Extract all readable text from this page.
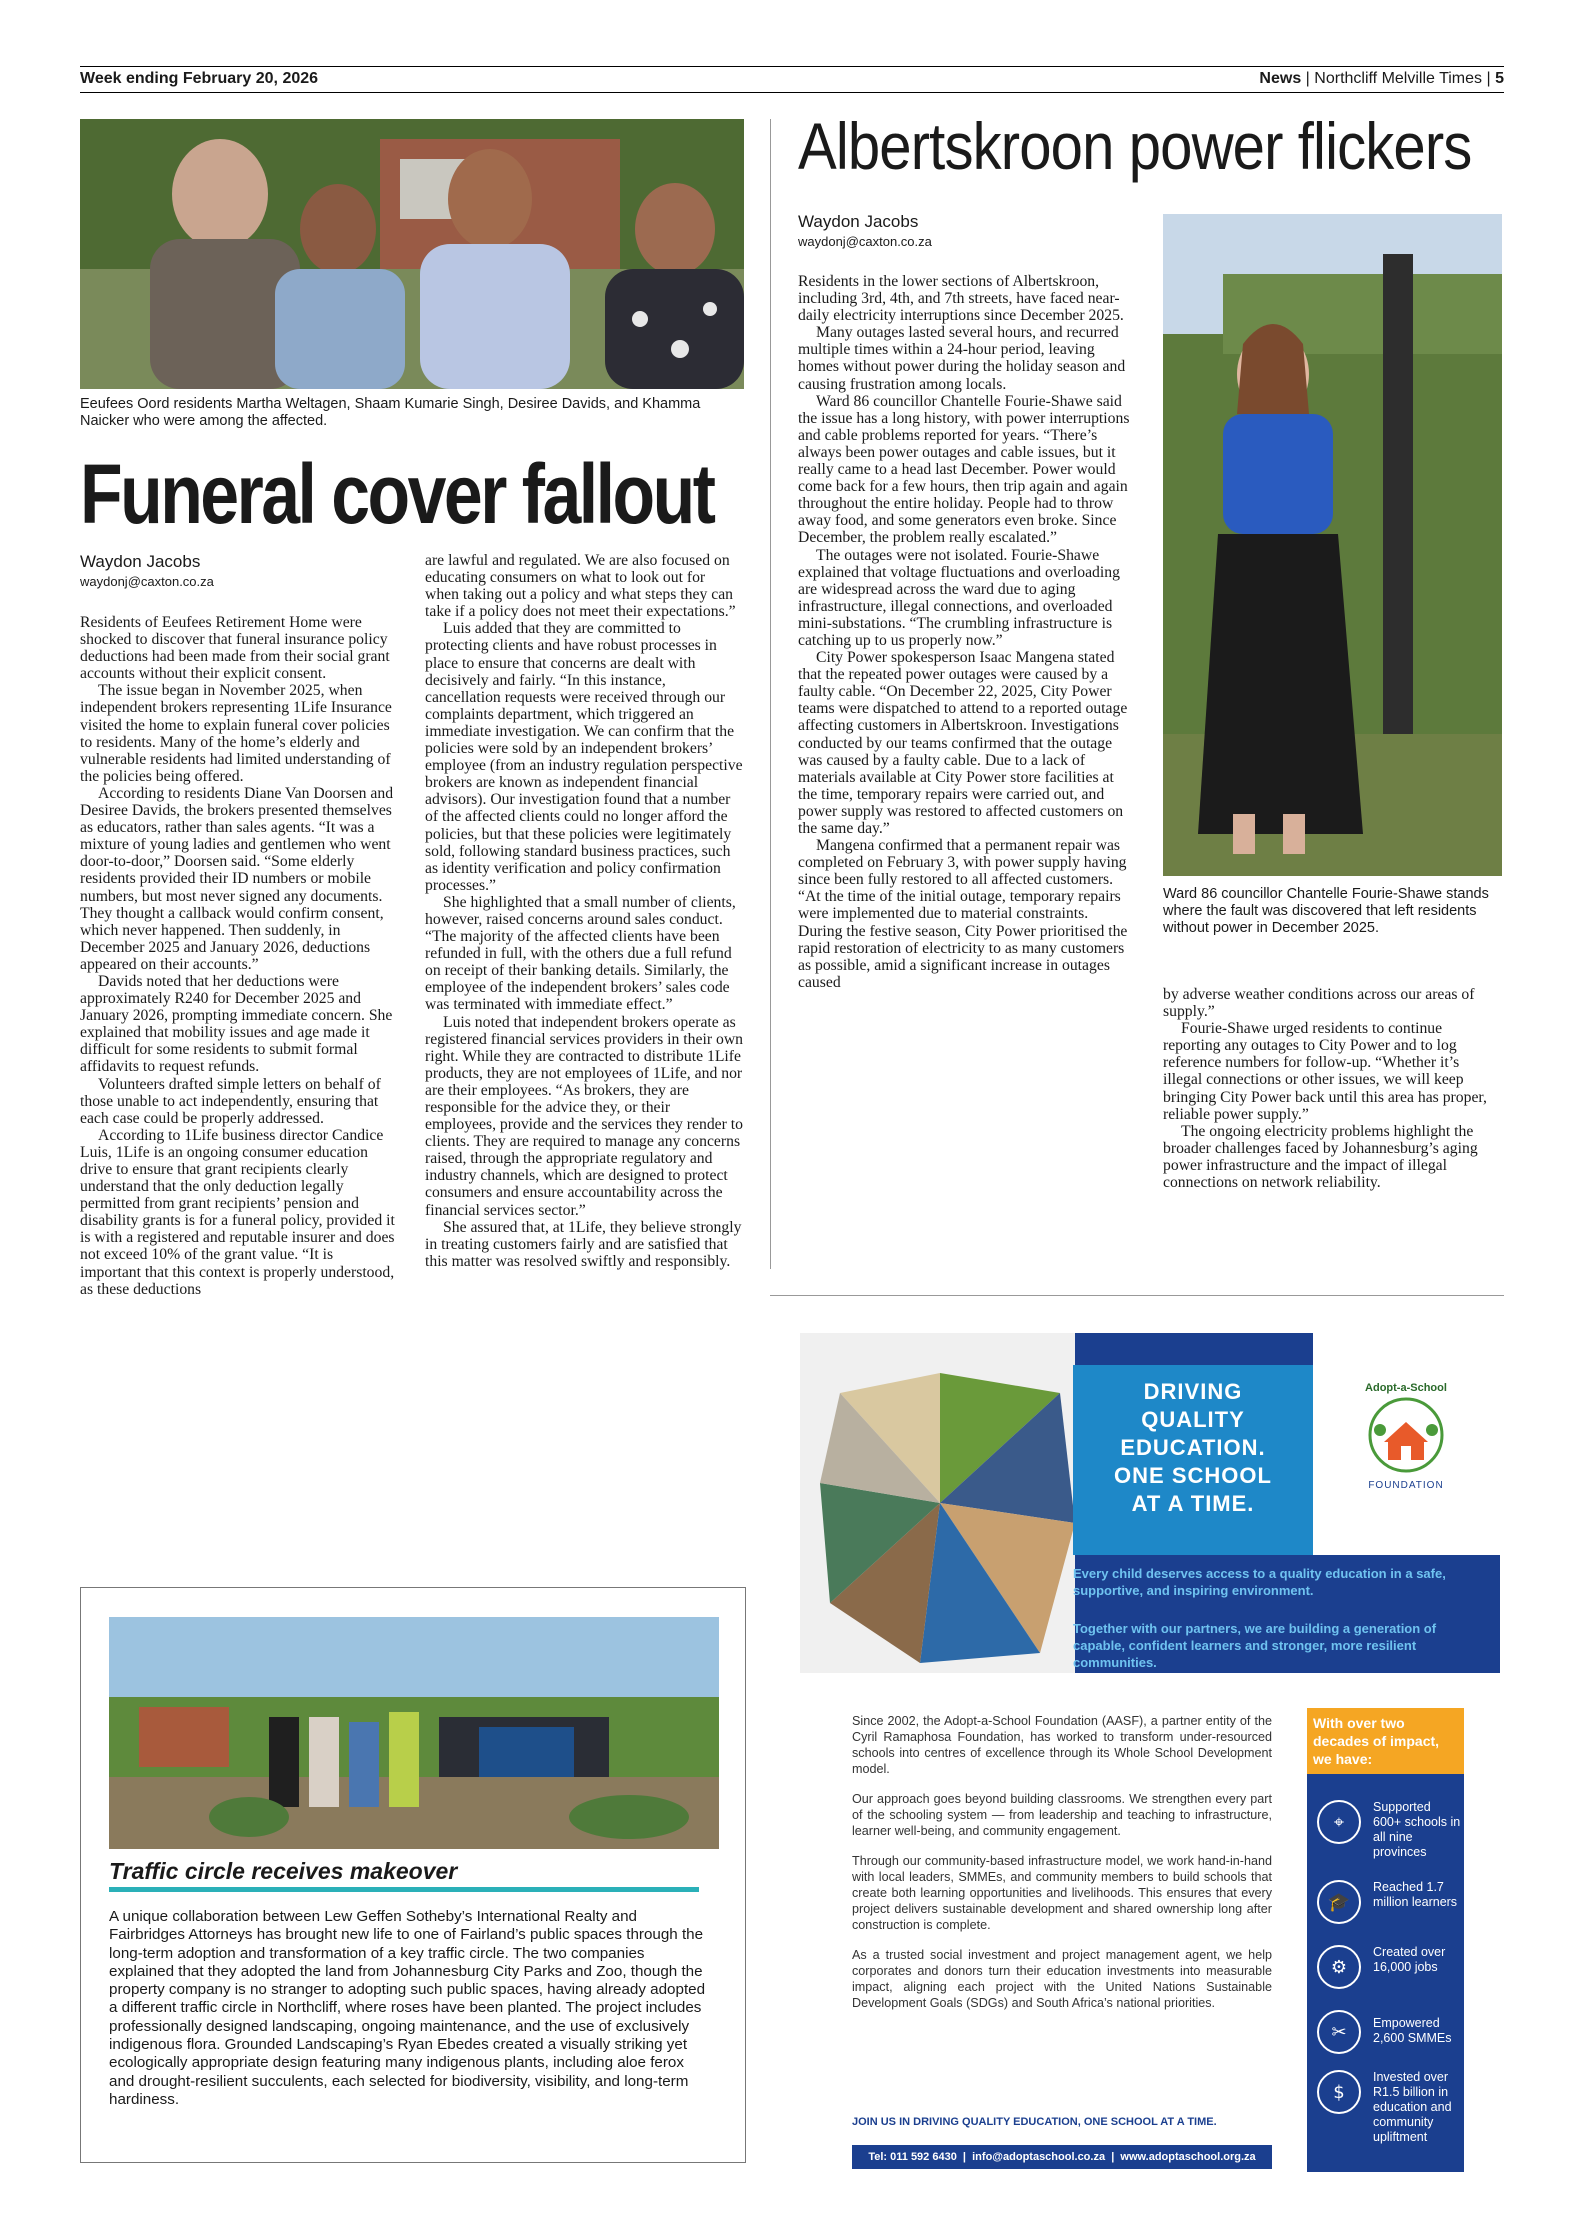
Week ending February 20, 2026	News | Northcliff Melville Times | 5
Eeufees Oord residents Martha Weltagen, Shaam Kumarie Singh, Desiree Davids, and Khamma Naicker who were among the affected.
Funeral cover fallout
Waydon Jacobs
waydonj@caxton.co.za

Residents of Eeufees Retirement Home were shocked to discover that funeral insurance policy deductions had been made from their social grant accounts without their explicit consent.

The issue began in November 2025, when independent brokers representing 1Life Insurance visited the home to explain funeral cover policies to residents. Many of the home’s elderly and vulnerable residents had limited understanding of the policies being offered.

According to residents Diane Van Doorsen and Desiree Davids, the brokers presented themselves as educators, rather than sales agents. “It was a mixture of young ladies and gentlemen who went door-to-door,” Doorsen said. “Some elderly residents provided their ID numbers or mobile numbers, but most never signed any documents. They thought a callback would confirm consent, which never happened. Then suddenly, in December 2025 and January 2026, deductions appeared on their accounts.”

Davids noted that her deductions were approximately R240 for December 2025 and January 2026, prompting immediate concern. She explained that mobility issues and age made it difficult for some residents to submit formal affidavits to request refunds.

Volunteers drafted simple letters on behalf of those unable to act independently, ensuring that each case could be properly addressed.

According to 1Life business director Candice Luis, 1Life is an ongoing consumer education drive to ensure that grant recipients clearly understand that the only deduction legally permitted from grant recipients’ pension and disability grants is for a funeral policy, provided it is with a registered and reputable insurer and does not exceed 10% of the grant value. “It is important that this context is properly understood, as these deductions

are lawful and regulated. We are also focused on educating consumers on what to look out for when taking out a policy and what steps they can take if a policy does not meet their expectations.”

Luis added that they are committed to protecting clients and have robust processes in place to ensure that concerns are dealt with decisively and fairly. “In this instance, cancellation requests were received through our complaints department, which triggered an immediate investigation. We can confirm that the policies were sold by an independent brokers’ employee (from an industry regulation perspective brokers are known as independent financial advisors). Our investigation found that a number of the affected clients could no longer afford the policies, but that these policies were legitimately sold, following standard business practices, such as identity verification and policy confirmation processes.”

She highlighted that a small number of clients, however, raised concerns around sales conduct. “The majority of the affected clients have been refunded in full, with the others due a full refund on receipt of their banking details. Similarly, the employee of the independent brokers’ sales code was terminated with immediate effect.”

Luis noted that independent brokers operate as registered financial services providers in their own right. While they are contracted to distribute 1Life products, they are not employees of 1Life, and nor are their employees. “As brokers, they are responsible for the advice they, or their employees, provide and the services they render to clients. They are required to manage any concerns raised, through the appropriate regulatory and industry channels, which are designed to protect consumers and ensure accountability across the financial services sector.”

She assured that, at 1Life, they believe strongly in treating customers fairly and are satisfied that this matter was resolved swiftly and responsibly.

Albertskroon power flickers
Waydon Jacobs
waydonj@caxton.co.za

Residents in the lower sections of Albertskroon, including 3rd, 4th, and 7th streets, have faced near-daily electricity interruptions since December 2025.

Many outages lasted several hours, and recurred multiple times within a 24-hour period, leaving homes without power during the holiday season and causing frustration among locals.

Ward 86 councillor Chantelle Fourie-Shawe said the issue has a long history, with power interruptions and cable problems reported for years. “There’s always been power outages and cable issues, but it really came to a head last December. Power would come back for a few hours, then trip again and again throughout the entire holiday. People had to throw away food, and some generators even broke. Since December, the problem really escalated.”

The outages were not isolated. Fourie-Shawe explained that voltage fluctuations and overloading are widespread across the ward due to aging infrastructure, illegal connections, and overloaded mini-substations. “The crumbling infrastructure is catching up to us properly now.”

City Power spokesperson Isaac Mangena stated that the repeated power outages were caused by a faulty cable. “On December 22, 2025, City Power teams were dispatched to attend to a reported outage affecting customers in Albertskroon. Investigations conducted by our teams confirmed that the outage was caused by a faulty cable. Due to a lack of materials available at City Power store facilities at the time, temporary repairs were carried out, and power supply was restored to affected customers on the same day.”

Mangena confirmed that a permanent repair was completed on February 3, with power supply having since been fully restored to all affected customers. “At the time of the initial outage, temporary repairs were implemented due to material constraints. During the festive season, City Power prioritised the rapid restoration of electricity to as many customers as possible, amid a significant increase in outages caused

Ward 86 councillor Chantelle Fourie-Shawe stands where the fault was discovered that left residents without power in December 2025.

by adverse weather conditions across our areas of supply.”

Fourie-Shawe urged residents to continue reporting any outages to City Power and to log reference numbers for follow-up. “Whether it’s illegal connections or other issues, we will keep bringing City Power back until this area has proper, reliable power supply.”

The ongoing electricity problems highlight the broader challenges faced by Johannesburg’s aging power infrastructure and the impact of illegal connections on network reliability.

Traffic circle receives makeover
A unique collaboration between Lew Geffen Sotheby’s International Realty and Fairbridges Attorneys has brought new life to one of Fairland’s public spaces through the long-term adoption and transformation of a key traffic circle. The two companies explained that they adopted the land from Johannesburg City Parks and Zoo, though the property company is no stranger to adopting such public spaces, having already adopted a different traffic circle in Northcliff, where roses have been planted. The project includes professionally designed landscaping, ongoing maintenance, and the use of exclusively indigenous flora. Grounded Landscaping’s Ryan Ebedes created a visually striking yet ecologically appropriate design featuring many indigenous plants, including aloe ferox and drought-resilient succulents, each selected for biodiversity, visibility, and long-term hardiness.
DRIVING
QUALITY
EDUCATION.
ONE SCHOOL
AT A TIME.
Adopt-a-School
FOUNDATION
Every child deserves access to a quality education in a safe, supportive, and inspiring environment.
Together with our partners, we are building a generation of capable, confident learners and stronger, more resilient communities.

Since 2002, the Adopt-a-School Foundation (AASF), a partner entity of the Cyril Ramaphosa Foundation, has worked to transform under-resourced schools into centres of excellence through its Whole School Development model.

Our approach goes beyond building classrooms. We strengthen every part of the schooling system — from leadership and teaching to infrastructure, learner well-being, and community engagement.

Through our community-based infrastructure model, we work hand-in-hand with local leaders, SMMEs, and community members to build schools that create both learning opportunities and livelihoods. This ensures that every project delivers sustainable development and shared ownership long after construction is complete.

As a trusted social investment and project management agent, we help corporates and donors turn their education investments into measurable impact, aligning each project with the United Nations Sustainable Development Goals (SDGs) and South Africa’s national priorities.

JOIN US IN DRIVING QUALITY EDUCATION, ONE SCHOOL AT A TIME.
Tel: 011 592 6430  |  info@adoptaschool.co.za  |  www.adoptaschool.org.za
With over two decades of impact, we have:
⌖
Supported 600+ schools in all nine provinces
🎓
Reached 1.7 million learners
⚙
Created over 16,000 jobs
✂	Empowered 2,600 SMMEs
$
Invested over R1.5 billion in education and community upliftment
